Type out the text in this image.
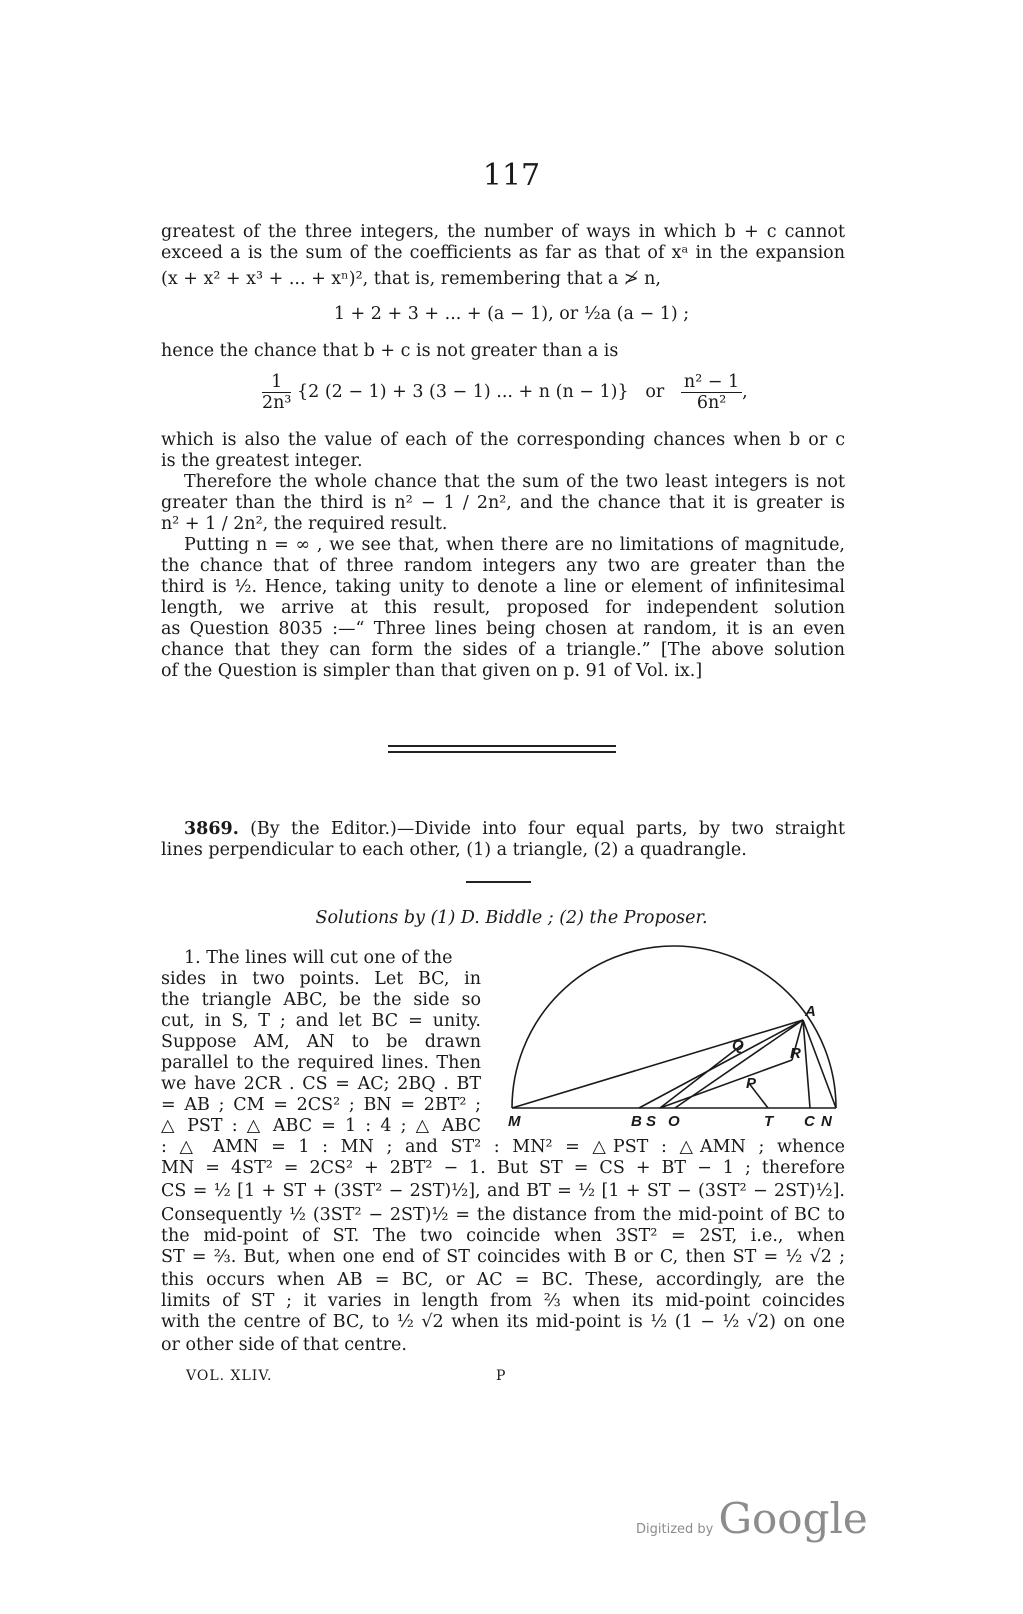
117
greatest of the three integers, the number of ways in which b + c cannot
exceed a is the sum of the coefficients as far as that of xᵃ in the expansion
(x + x² + x³ + ... + xⁿ)², that is, remembering that a ≯ n,
1 + 2 + 3 + ... + (a − 1), or ½a (a − 1) ;
hence the chance that b + c is not greater than a is
$\frac{1}{\text{2n³}} \{2$ (2 − 1) + 3 (3 − 1) ... + n (n − 1)} or $\frac{\text{n² − 1}}{\text{6n²}}$ ,
which is also the value of each of the corresponding chances when b or c
is the greatest integer.
Therefore the whole chance that the sum of the two least integers is not
greater than the third is n² − 1 / 2n², and the chance that it is greater is
n² + 1 / 2n², the required result.
Putting n = ∞ , we see that, when there are no limitations of magnitude,
the chance that of three random integers any two are greater than the
third is ½. Hence, taking unity to denote a line or element of infinitesimal
length, we arrive at this result, proposed for independent solution
as Question 8035 :—“ Three lines being chosen at random, it is an even
chance that they can form the sides of a triangle.” [The above solution
of the Question is simpler than that given on p. 91 of Vol. ix.]
3869. (By the Editor.)—Divide into four equal parts, by two straight
lines perpendicular to each other, (1) a triangle, (2) a quadrangle.
Solutions by (1) D. Biddle ; (2) the Proposer.
1. The lines will cut one of the
sides in two points. Let BC, in
the triangle ABC, be the side so
cut, in S, T ; and let BC = unity.
Suppose AM, AN to be drawn
parallel to the required lines. Then
we have 2CR . CS = AC; 2BQ . BT
= AB ; CM = 2CS² ; BN = 2BT² ;
△ PST : △ ABC = 1 : 4 ; △ ABC M	B S O	T C N
A
Q	R
P
: △ AMN = 1 : MN ; and ST² : MN² = △PST : △AMN ; whence
MN = 4ST² = 2CS² + 2BT² − 1. But ST = CS + BT − 1 ; therefore
CS = ½ [1 + ST + (3ST² − 2ST)½], and BT = ½ [1 + ST − (3ST² − 2ST)½].
Consequently ½ (3ST² − 2ST)½ = the distance from the mid-point of BC to
the mid-point of ST. The two coincide when 3ST² = 2ST, i.e., when
ST = ⅔. But, when one end of ST coincides with B or C, then ST = ½ √2 ;
this occurs when AB = BC, or AC = BC. These, accordingly, are the
limits of ST ; it varies in length from ⅔ when its mid-point coincides
with the centre of BC, to ½ √2 when its mid-point is ½ (1 − ½ √2) on one
or other side of that centre.
VOL. XLIV.	P
Digitized by Google
